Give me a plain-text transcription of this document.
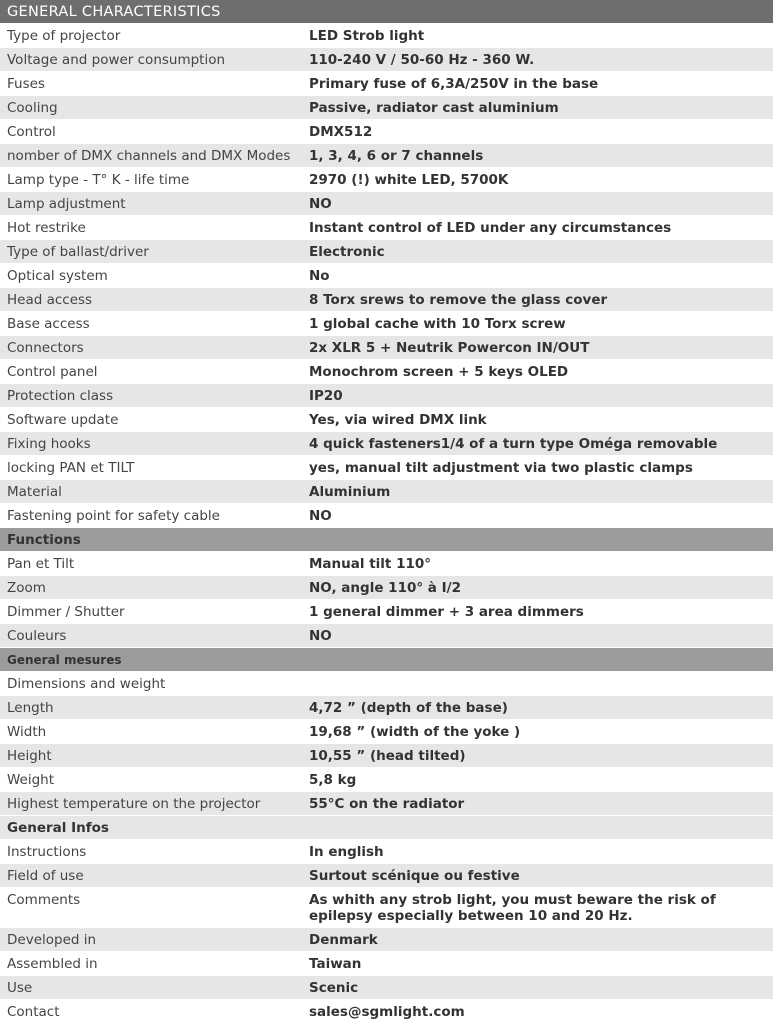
GENERAL CHARACTERISTICS
Type of projector	LED Strob light
Voltage and power consumption	110-240 V / 50-60 Hz - 360 W.
Fuses	Primary fuse of 6,3A/250V in the base
Cooling	Passive, radiator cast aluminium
Control	DMX512
nomber of DMX channels and DMX Modes	1, 3, 4, 6 or 7 channels
Lamp type - T° K - life time	2970 (!) white LED, 5700K
Lamp adjustment	NO
Hot restrike	Instant control of LED under any circumstances
Type of ballast/driver	Electronic
Optical system	No
Head access	8 Torx srews to remove the glass cover
Base access	1 global cache with 10 Torx screw
Connectors	2x XLR 5 + Neutrik Powercon IN/OUT
Control panel	Monochrom screen + 5 keys OLED
Protection class	IP20
Software update	Yes, via wired DMX link
Fixing hooks	4 quick fasteners1/4 of a turn type Oméga removable
locking PAN et TILT	yes, manual tilt adjustment via two plastic clamps
Material	Aluminium
Fastening point for safety cable	NO
Functions
Pan et Tilt	Manual tilt 110°
Zoom	NO, angle 110° à I/2
Dimmer / Shutter	1 general dimmer + 3 area dimmers
Couleurs	NO
General mesures
Dimensions and weight
Length	4,72 ” (depth of the base)
Width	19,68 ” (width of the yoke )
Height	10,55 ” (head tilted)
Weight	5,8 kg
Highest temperature on the projector	55°C on the radiator
General Infos
Instructions	In english
Field of use	Surtout scénique ou festive
Comments	As whith any strob light, you must beware the risk of epilepsy especially between 10 and 20 Hz.
Developed in	Denmark
Assembled in	Taiwan
Use	Scenic
Contact	sales@sgmlight.com
